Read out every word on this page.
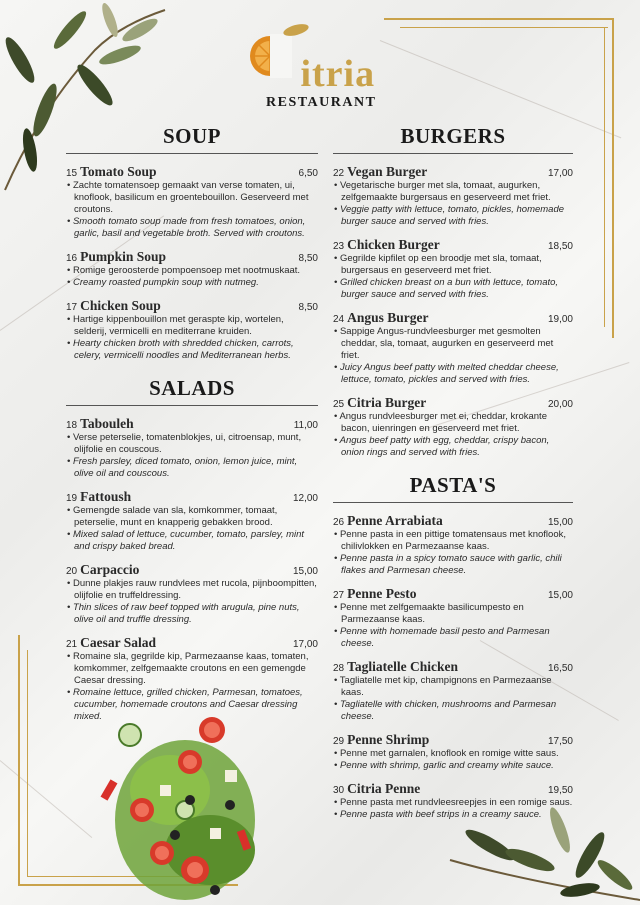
itria
RESTAURANT
SOUP
15 Tomato Soup	6,50
• Zachte tomatensoep gemaakt van verse tomaten, ui, knoflook, basilicum en groentebouillon. Geserveerd met croutons.
• Smooth tomato soup made from fresh tomatoes, onion, garlic, basil and vegetable broth. Served with croutons.
16 Pumpkin Soup	8,50
• Romige geroosterde pompoensoep met nootmuskaat.
• Creamy roasted pumpkin soup with nutmeg.
17 Chicken Soup	8,50
• Hartige kippenbouillon met geraspte kip, wortelen, selderij, vermicelli en mediterrane kruiden.
• Hearty chicken broth with shredded chicken, carrots, celery, vermicelli noodles and Mediterranean herbs.
SALADS
18 Tabouleh	11,00
• Verse peterselie, tomatenblokjes, ui, citroensap, munt, olijfolie en couscous.
• Fresh parsley, diced tomato, onion, lemon juice, mint, olive oil and couscous.
19 Fattoush	12,00
• Gemengde salade van sla, komkommer, tomaat, peterselie, munt en knapperig gebakken brood.
• Mixed salad of lettuce, cucumber, tomato, parsley, mint and crispy baked bread.
20 Carpaccio	15,00
• Dunne plakjes rauw rundvlees met rucola, pijnboompitten, olijfolie en truffeldressing.
• Thin slices of raw beef topped with arugula, pine nuts, olive oil and truffle dressing.
21 Caesar Salad	17,00
• Romaine sla, gegrilde kip, Parmezaanse kaas, tomaten, komkommer, zelfgemaakte croutons en een gemengde Caesar dressing.
• Romaine lettuce, grilled chicken, Parmesan, tomatoes, cucumber, homemade croutons and Caesar dressing mixed.
BURGERS
22 Vegan Burger	17,00
• Vegetarische burger met sla, tomaat, augurken, zelfgemaakte burgersaus en geserveerd met friet.
• Veggie patty with lettuce, tomato, pickles, homemade burger sauce and served with fries.
23 Chicken Burger	18,50
• Gegrilde kipfilet op een broodje met sla, tomaat, burgersaus en geserveerd met friet.
• Grilled chicken breast on a bun with lettuce, tomato, burger sauce and served with fries.
24 Angus Burger	19,00
• Sappige Angus-rundvleesburger met gesmolten cheddar, sla, tomaat, augurken en geserveerd met friet.
• Juicy Angus beef patty with melted cheddar cheese, lettuce, tomato, pickles and served with fries.
25 Citria Burger	20,00
• Angus rundvleesburger met ei, cheddar, krokante bacon, uienringen en geserveerd met friet.
• Angus beef patty with egg, cheddar, crispy bacon, onion rings and served with fries.
PASTA'S
26 Penne Arrabiata	15,00
• Penne pasta in een pittige tomatensaus met knoflook, chilivlokken en Parmezaanse kaas.
• Penne pasta in a spicy tomato sauce with garlic, chili flakes and Parmesan cheese.
27 Penne Pesto	15,00
• Penne met zelfgemaakte basilicumpesto en Parmezaanse kaas.
• Penne with homemade basil pesto and Parmesan cheese.
28 Tagliatelle Chicken	16,50
• Tagliatelle met kip, champignons en Parmezaanse kaas.
• Tagliatelle with chicken, mushrooms and Parmesan cheese.
29 Penne Shrimp	17,50
• Penne met garnalen, knoflook en romige witte saus.
• Penne with shrimp, garlic and creamy white sauce.
30 Citria Penne	19,50
• Penne pasta met rundvleesreepjes in een romige saus.
• Penne pasta with beef strips in a creamy sauce.
